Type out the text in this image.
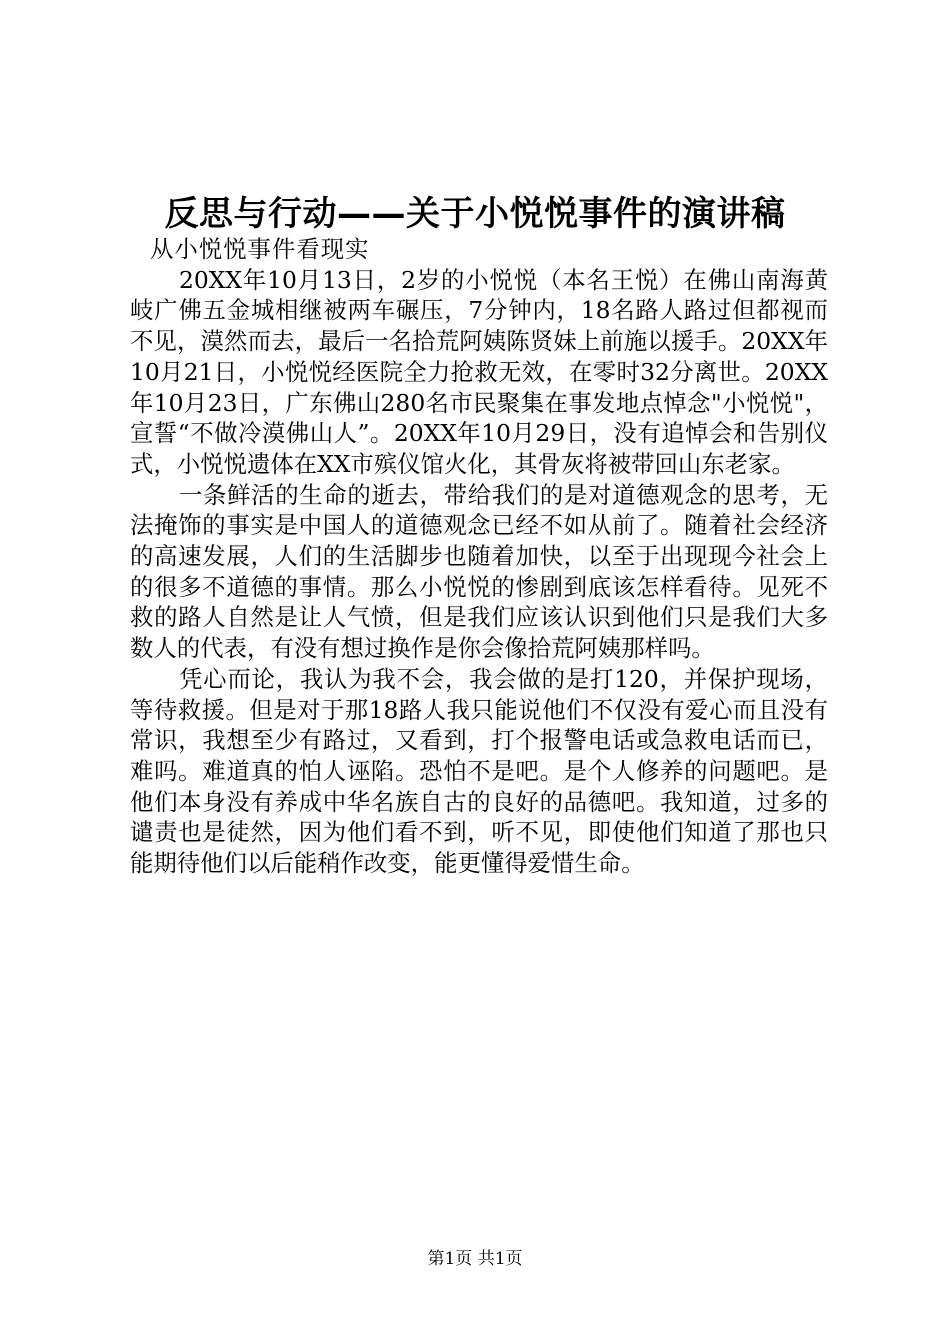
反思与行动——关于小悦悦事件的演讲稿

从小悦悦事件看现实

20XX年10月13日，2岁的小悦悦（本名王悦）在佛山南海黄岐广佛五金城相继被两车碾压，7分钟内，18名路人路过但都视而不见，漠然而去，最后一名拾荒阿姨陈贤妹上前施以援手。20XX年10月21日，小悦悦经医院全力抢救无效，在零时32分离世。20XX年10月23日，广东佛山280名市民聚集在事发地点悼念"小悦悦"，宣誓“不做冷漠佛山人”。20XX年10月29日，没有追悼会和告别仪式，小悦悦遗体在XX市殡仪馆火化，其骨灰将被带回山东老家。

一条鲜活的生命的逝去，带给我们的是对道德观念的思考，无法掩饰的事实是中国人的道德观念已经不如从前了。随着社会经济的高速发展，人们的生活脚步也随着加快，以至于出现现今社会上的很多不道德的事情。那么小悦悦的惨剧到底该怎样看待。见死不救的路人自然是让人气愤，但是我们应该认识到他们只是我们大多数人的代表，有没有想过换作是你会像拾荒阿姨那样吗。

凭心而论，我认为我不会，我会做的是打120，并保护现场，等待救援。但是对于那18路人我只能说他们不仅没有爱心而且没有常识，我想至少有路过，又看到，打个报警电话或急救电话而已，难吗。难道真的怕人诬陷。恐怕不是吧。是个人修养的问题吧。是他们本身没有养成中华名族自古的良好的品德吧。我知道，过多的谴责也是徒然，因为他们看不到，听不见，即使他们知道了那也只能期待他们以后能稍作改变，能更懂得爱惜生命。

第1页 共1页
